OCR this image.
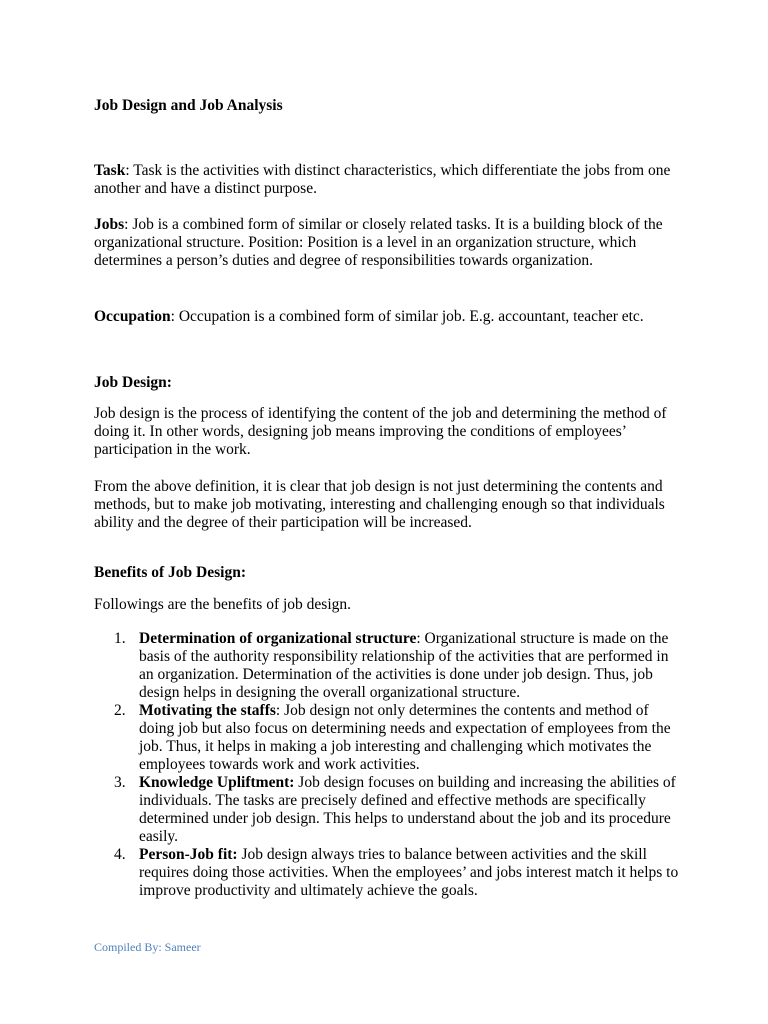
Job Design and Job Analysis

Task: Task is the activities with distinct characteristics, which differentiate the jobs from one another and have a distinct purpose.

Jobs: Job is a combined form of similar or closely related tasks. It is a building block of the organizational structure. Position: Position is a level in an organization structure, which determines a person’s duties and degree of responsibilities towards organization.

Occupation: Occupation is a combined form of similar job. E.g. accountant, teacher etc.

Job Design:

Job design is the process of identifying the content of the job and determining the method of doing it. In other words, designing job means improving the conditions of employees’ participation in the work.

From the above definition, it is clear that job design is not just determining the contents and methods, but to make job motivating, interesting and challenging enough so that individuals ability and the degree of their participation will be increased.

Benefits of Job Design:

Followings are the benefits of job design.

1. Determination of organizational structure: Organizational structure is made on the basis of the authority responsibility relationship of the activities that are performed in an organization. Determination of the activities is done under job design. Thus, job design helps in designing the overall organizational structure.
2. Motivating the staffs: Job design not only determines the contents and method of doing job but also focus on determining needs and expectation of employees from the job. Thus, it helps in making a job interesting and challenging which motivates the employees towards work and work activities.
3. Knowledge Upliftment: Job design focuses on building and increasing the abilities of individuals. The tasks are precisely defined and effective methods are specifically determined under job design. This helps to understand about the job and its procedure easily.
4. Person-Job fit: Job design always tries to balance between activities and the skill requires doing those activities. When the employees’ and jobs interest match it helps to improve productivity and ultimately achieve the goals.
Compiled By: Sameer
